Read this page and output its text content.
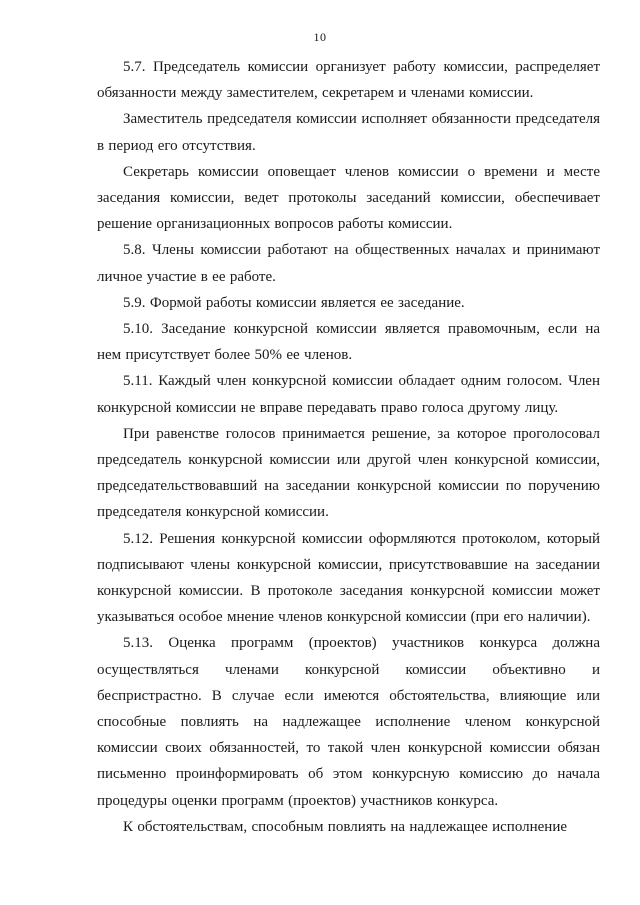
10

5.7. Председатель комиссии организует работу комиссии, распределяет обязанности между заместителем, секретарем и членами комиссии.

Заместитель председателя комиссии исполняет обязанности председателя в период его отсутствия.

Секретарь комиссии оповещает членов комиссии о времени и месте заседания комиссии, ведет протоколы заседаний комиссии, обеспечивает решение организационных вопросов работы комиссии.

5.8. Члены комиссии работают на общественных началах и принимают личное участие в ее работе.

5.9. Формой работы комиссии является ее заседание.

5.10. Заседание конкурсной комиссии является правомочным, если на нем присутствует более 50% ее членов.

5.11. Каждый член конкурсной комиссии обладает одним голосом. Член конкурсной комиссии не вправе передавать право голоса другому лицу.

При равенстве голосов принимается решение, за которое проголосовал председатель конкурсной комиссии или другой член конкурсной комиссии, председательствовавший на заседании конкурсной комиссии по поручению председателя конкурсной комиссии.

5.12. Решения конкурсной комиссии оформляются протоколом, который подписывают члены конкурсной комиссии, присутствовавшие на заседании конкурсной комиссии. В протоколе заседания конкурсной комиссии может указываться особое мнение членов конкурсной комиссии (при его наличии).

5.13. Оценка программ (проектов) участников конкурса должна осуществляться членами конкурсной комиссии объективно и беспристрастно. В случае если имеются обстоятельства, влияющие или способные повлиять на надлежащее исполнение членом конкурсной комиссии своих обязанностей, то такой член конкурсной комиссии обязан письменно проинформировать об этом конкурсную комиссию до начала процедуры оценки программ (проектов) участников конкурса.

К обстоятельствам, способным повлиять на надлежащее исполнение
